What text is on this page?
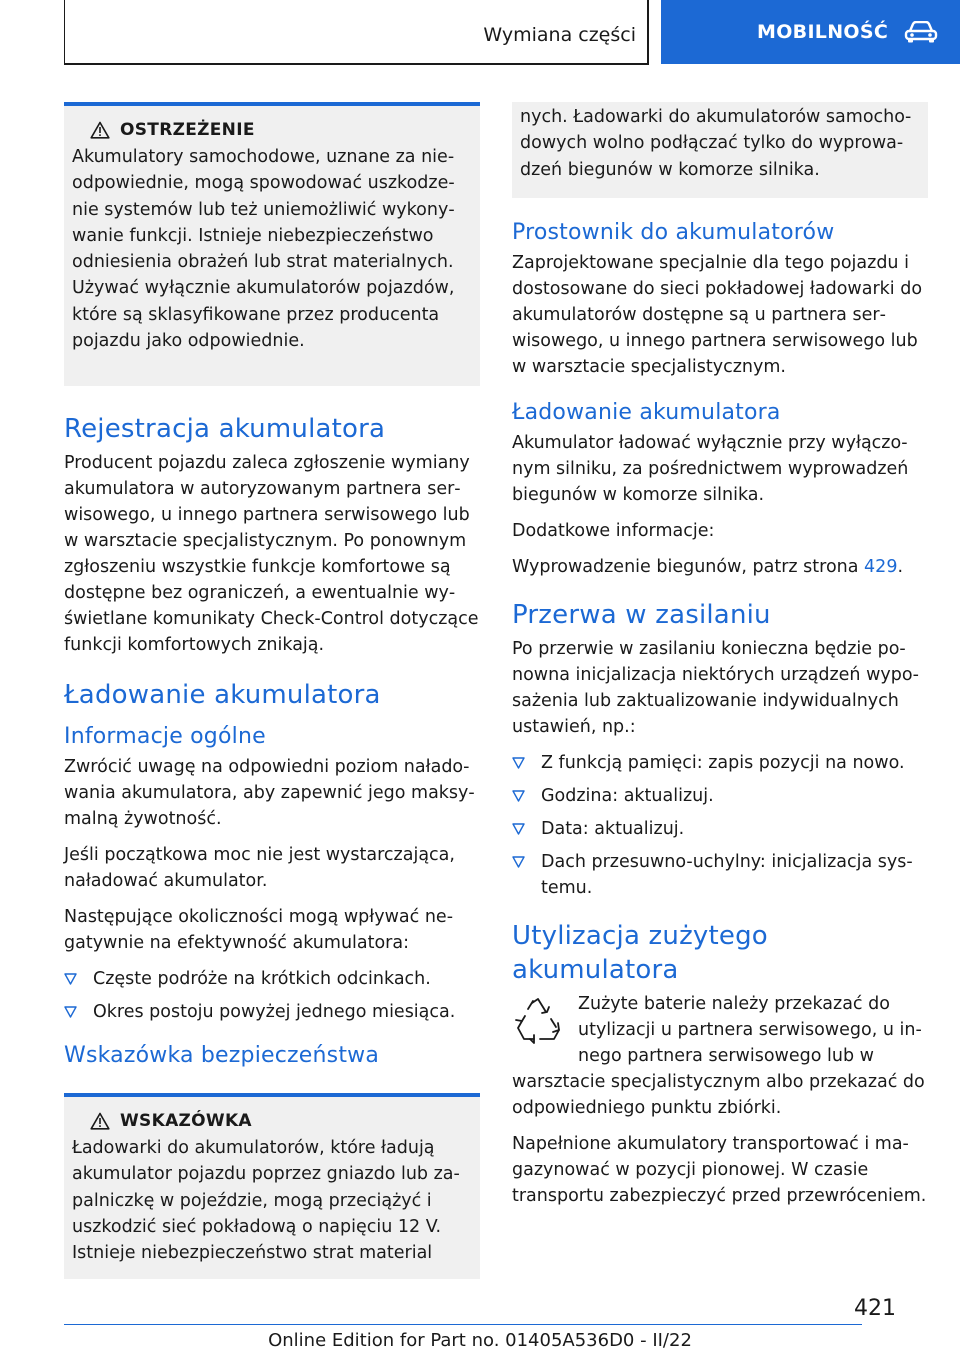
Wymiana części	MOBILNOŚĆ
OSTRZEŻENIE

Akumulatory samochodowe, uznane za nieodpowiednie, mogą spowodować uszkodzenie systemów lub też uniemożliwić wykonywanie funkcji. Istnieje niebezpieczeństwo odniesienia obrażeń lub strat materialnych. Używać wyłącznie akumulatorów pojazdów, które są sklasyfikowane przez producenta pojazdu jako odpowiednie.

Rejestracja akumulatora

Producent pojazdu zaleca zgłoszenie wymiany akumulatora w autoryzowanym partnera serwisowego, u innego partnera serwisowego lub w warsztacie specjalistycznym. Po ponownym zgłoszeniu wszystkie funkcje komfortowe są dostępne bez ograniczeń, a ewentualnie wyświetlane komunikaty Check-Control dotyczące funkcji komfortowych znikają.

Ładowanie akumulatora
Informacje ogólne

Zwrócić uwagę na odpowiedni poziom naładowania akumulatora, aby zapewnić jego maksymalną żywotność.

Jeśli początkowa moc nie jest wystarczająca, naładować akumulator.

Następujące okoliczności mogą wpływać negatywnie na efektywność akumulatora:

Częste podróże na krótkich odcinkach.
Okres postoju powyżej jednego miesiąca.
Wskazówka bezpieczeństwa
WSKAZÓWKA

Ładowarki do akumulatorów, które ładują akumulator pojazdu poprzez gniazdo lub zapalniczkę w pojeździe, mogą przeciążyć i uszkodzić sieć pokładową o napięciu 12 V. Istnieje niebezpieczeństwo strat material

nych. Ładowarki do akumulatorów samochodowych wolno podłączać tylko do wyprowadzeń biegunów w komorze silnika.

Prostownik do akumulatorów

Zaprojektowane specjalnie dla tego pojazdu i dostosowane do sieci pokładowej ładowarki do akumulatorów dostępne są u partnera serwisowego, u innego partnera serwisowego lub w warsztacie specjalistycznym.

Ładowanie akumulatora

Akumulator ładować wyłącznie przy wyłączonym silniku, za pośrednictwem wyprowadzeń biegunów w komorze silnika.

Dodatkowe informacje:

Wyprowadzenie biegunów, patrz strona 429.

Przerwa w zasilaniu

Po przerwie w zasilaniu konieczna będzie ponowna inicjalizacja niektórych urządzeń wyposażenia lub zaktualizowanie indywidualnych ustawień, np.:

Z funkcją pamięci: zapis pozycji na nowo.
Godzina: aktualizuj.
Data: aktualizuj.
Dach przesuwno-uchylny: inicjalizacja systemu.
Utylizacja zużytego akumulatora

Zużyte baterie należy przekazać do utylizacji u partnera serwisowego, u innego partnera serwisowego lub w

warsztacie specjalistycznym albo przekazać do odpowiedniego punktu zbiórki.

Napełnione akumulatory transportować i magazynować w pozycji pionowej. W czasie transportu zabezpieczyć przed przewróceniem.

421
Online Edition for Part no. 01405A536D0 - II/22
